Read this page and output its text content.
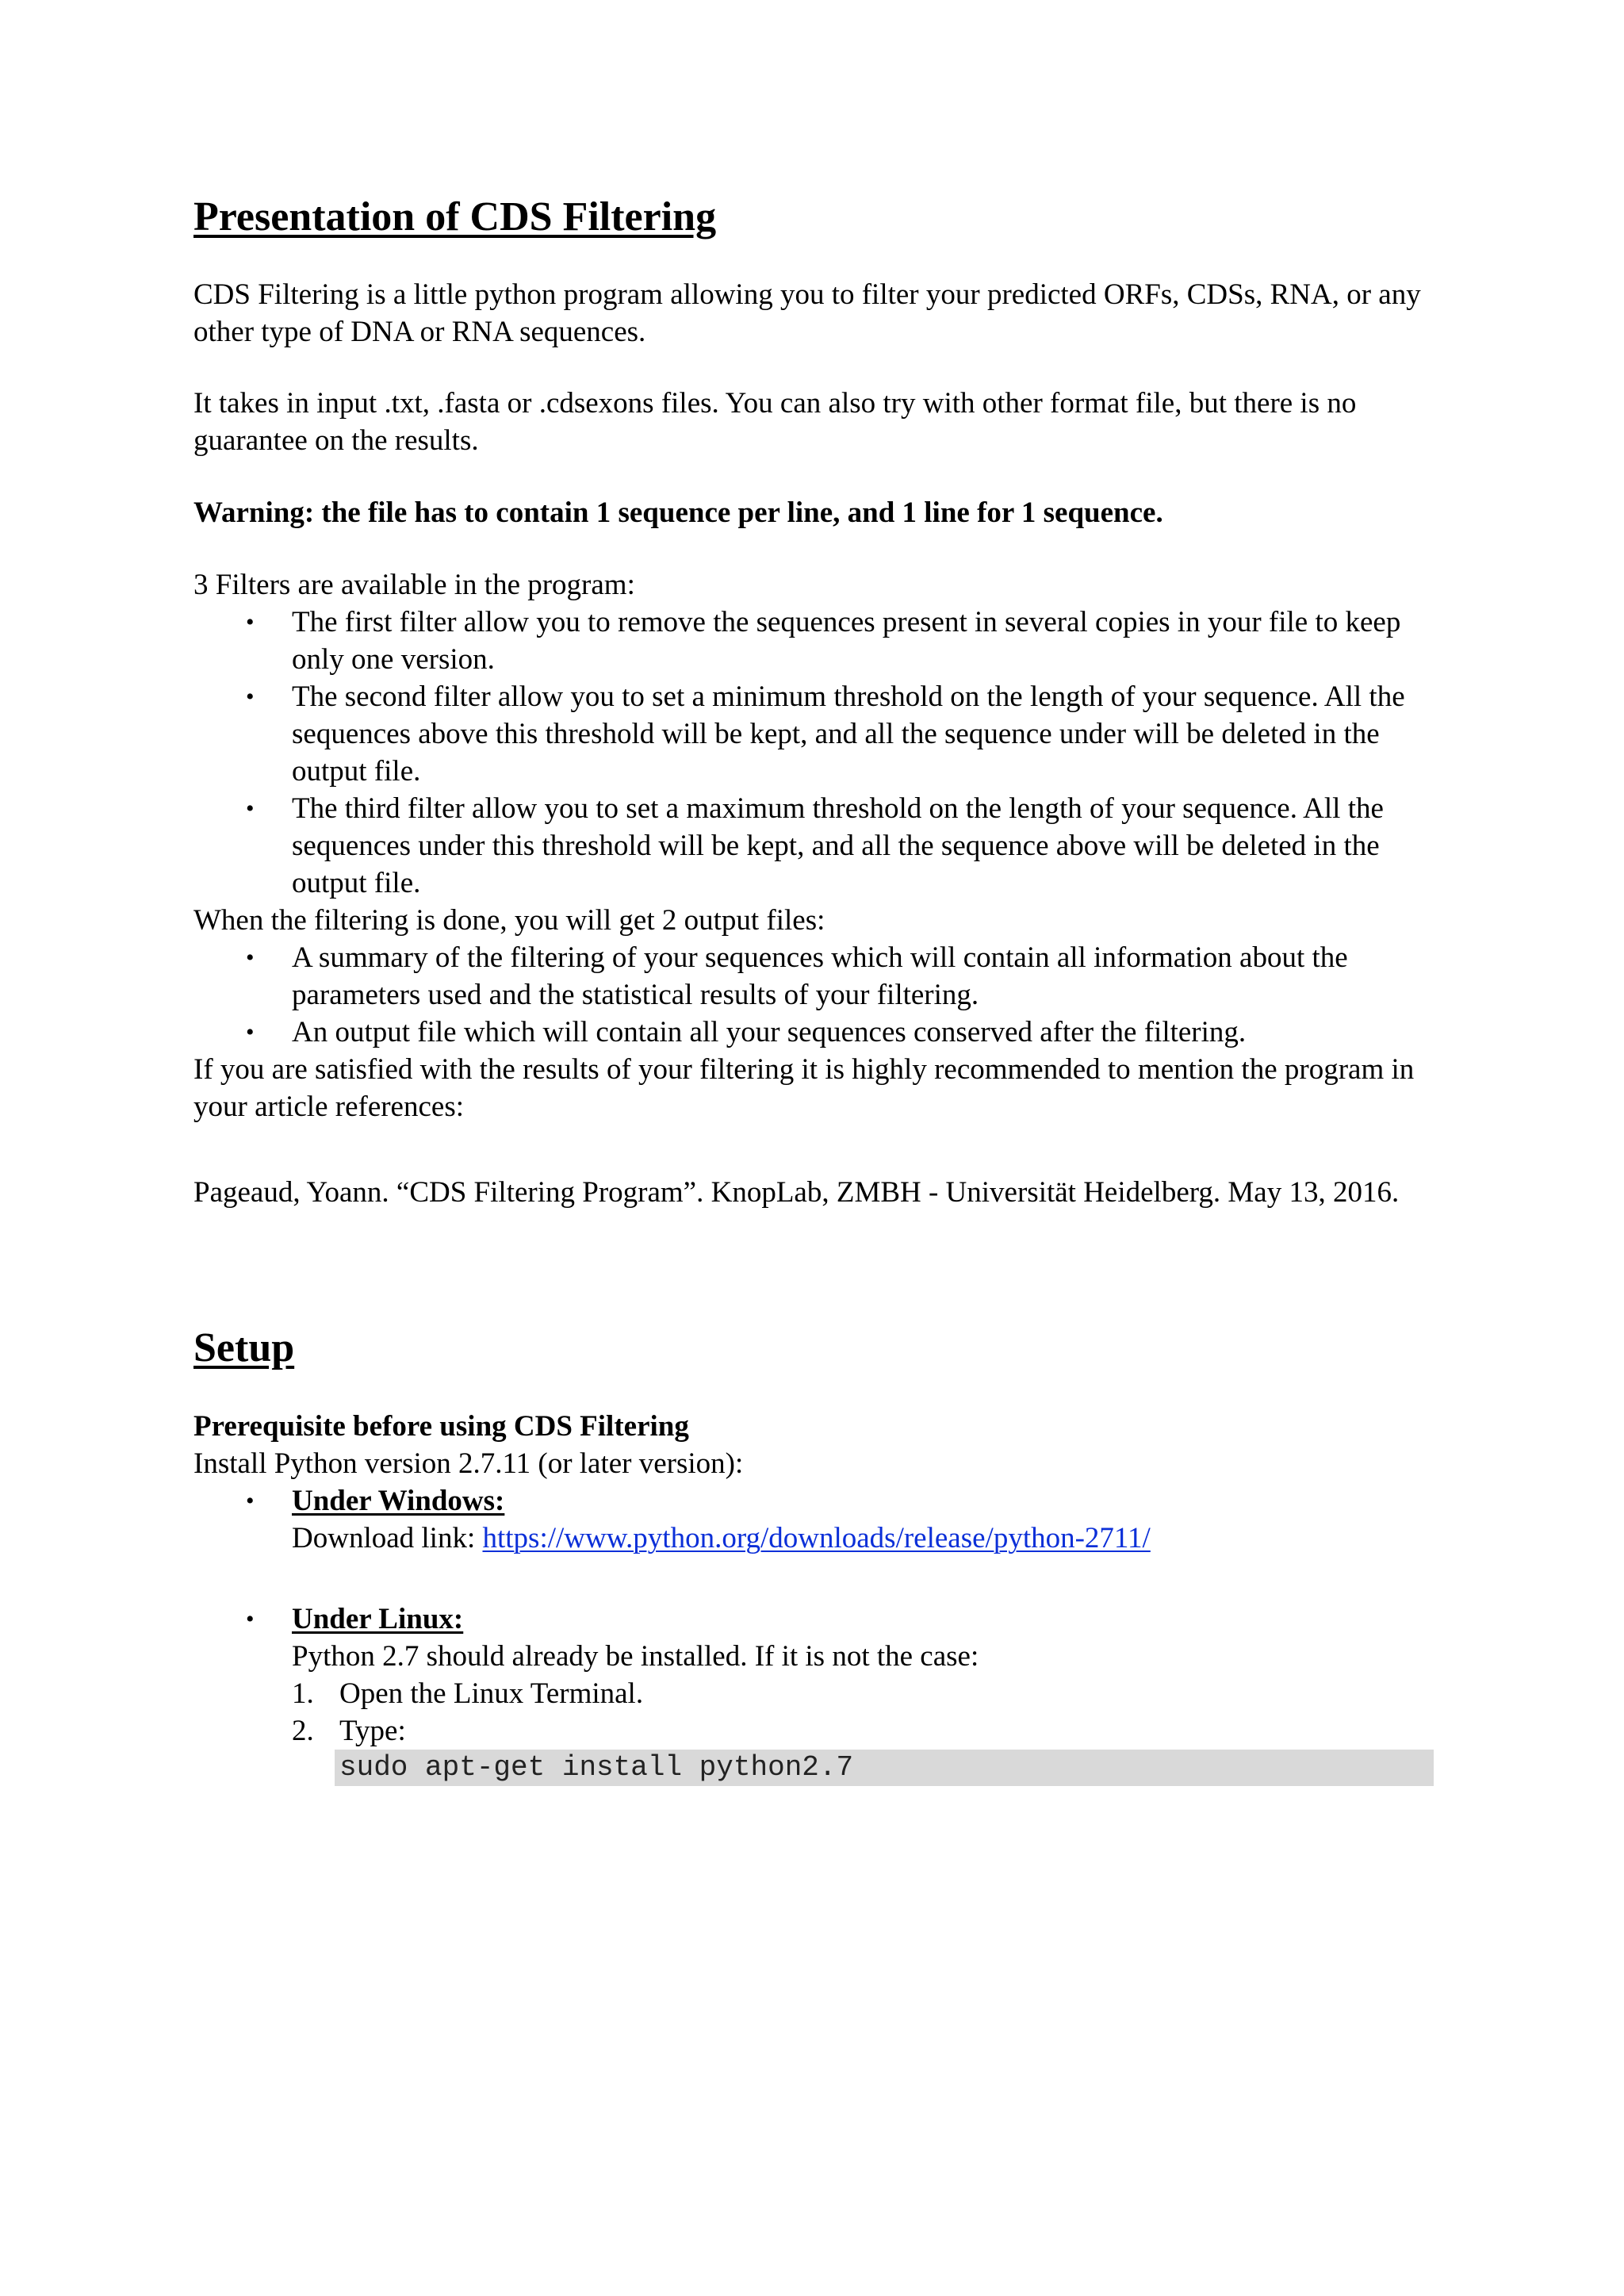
Presentation of CDS Filtering

CDS Filtering is a little python program allowing you to filter your predicted ORFs, CDSs, RNA, or any other type of DNA or RNA sequences.

It takes in input .txt, .fasta or .cdsexons files. You can also try with other format file, but there is no guarantee on the results.

Warning: the file has to contain 1 sequence per line, and 1 line for 1 sequence.

3 Filters are available in the program:

• The first filter allow you to remove the sequences present in several copies in your file to keep only one version.
• The second filter allow you to set a minimum threshold on the length of your sequence. All the sequences above this threshold will be kept, and all the sequence under will be deleted in the output file.
• The third filter allow you to set a maximum threshold on the length of your sequence. All the sequences under this threshold will be kept, and all the sequence above will be deleted in the output file.

When the filtering is done, you will get 2 output files:

• A summary of the filtering of your sequences which will contain all information about the parameters used and the statistical results of your filtering.
• An output file which will contain all your sequences conserved after the filtering.

If you are satisfied with the results of your filtering it is highly recommended to mention the program in your article references:

Pageaud, Yoann. “CDS Filtering Program”. KnopLab, ZMBH - Universität Heidelberg. May 13, 2016.

Setup

Prerequisite before using CDS Filtering

Install Python version 2.7.11 (or later version):

• Under Windows:
Download link: https://www.python.org/downloads/release/python-2711/
• Under Linux:
Python 2.7 should already be installed. If it is not the case:
1. Open the Linux Terminal.
2. Type:
sudo apt-get install python2.7
